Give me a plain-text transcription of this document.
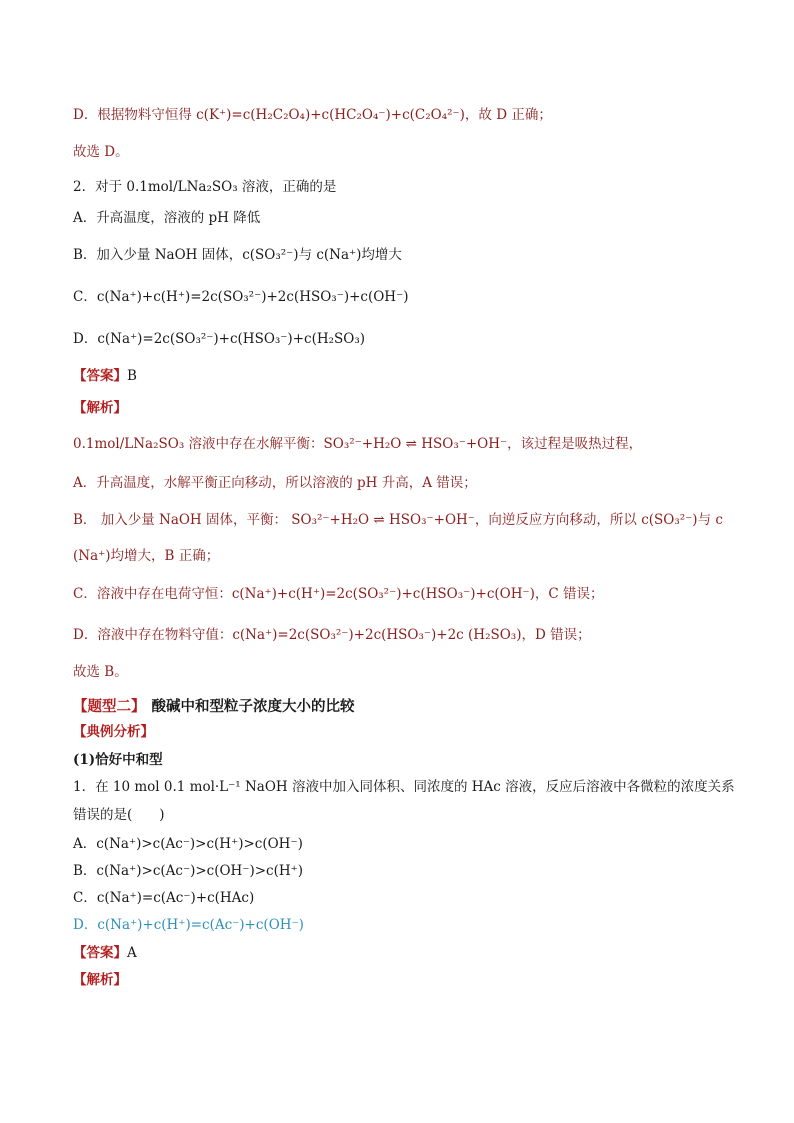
D．根据物料守恒得 c(K⁺)=c(H₂C₂O₄)+c(HC₂O₄⁻)+c(C₂O₄²⁻)，故 D 正确；
故选 D。
2．对于 0.1mol/LNa₂SO₃ 溶液，正确的是
A．升高温度，溶液的 pH 降低
B．加入少量 NaOH 固体，c(SO₃²⁻)与 c(Na⁺)均增大
C．c(Na⁺)+c(H⁺)=2c(SO₃²⁻)+2c(HSO₃⁻)+c(OH⁻)
D．c(Na⁺)=2c(SO₃²⁻)+c(HSO₃⁻)+c(H₂SO₃)
【答案】B
【解析】
0.1mol/LNa₂SO₃ 溶液中存在水解平衡：SO₃²⁻+H₂O ⇌ HSO₃⁻+OH⁻，该过程是吸热过程，
A．升高温度，水解平衡正向移动，所以溶液的 pH 升高，A 错误；
B． 加入少量 NaOH 固体，平衡： SO₃²⁻+H₂O ⇌ HSO₃⁻+OH⁻，向逆反应方向移动，所以 c(SO₃²⁻)与 c
(Na⁺)均增大，B 正确；
C．溶液中存在电荷守恒：c(Na⁺)+c(H⁺)=2c(SO₃²⁻)+c(HSO₃⁻)+c(OH⁻)，C 错误；
D．溶液中存在物料守值：c(Na⁺)=2c(SO₃²⁻)+2c(HSO₃⁻)+2c (H₂SO₃)，D 错误；
故选 B。
【题型二】 酸碱中和型粒子浓度大小的比较
【典例分析】
(1)恰好中和型
1．在 10 mol 0.1 mol·L⁻¹ NaOH 溶液中加入同体积、同浓度的 HAc 溶液，反应后溶液中各微粒的浓度关系
错误的是(　　)
A．c(Na⁺)>c(Ac⁻)>c(H⁺)>c(OH⁻)
B．c(Na⁺)>c(Ac⁻)>c(OH⁻)>c(H⁺)
C．c(Na⁺)=c(Ac⁻)+c(HAc)
D．c(Na⁺)+c(H⁺)=c(Ac⁻)+c(OH⁻)
【答案】A
【解析】
